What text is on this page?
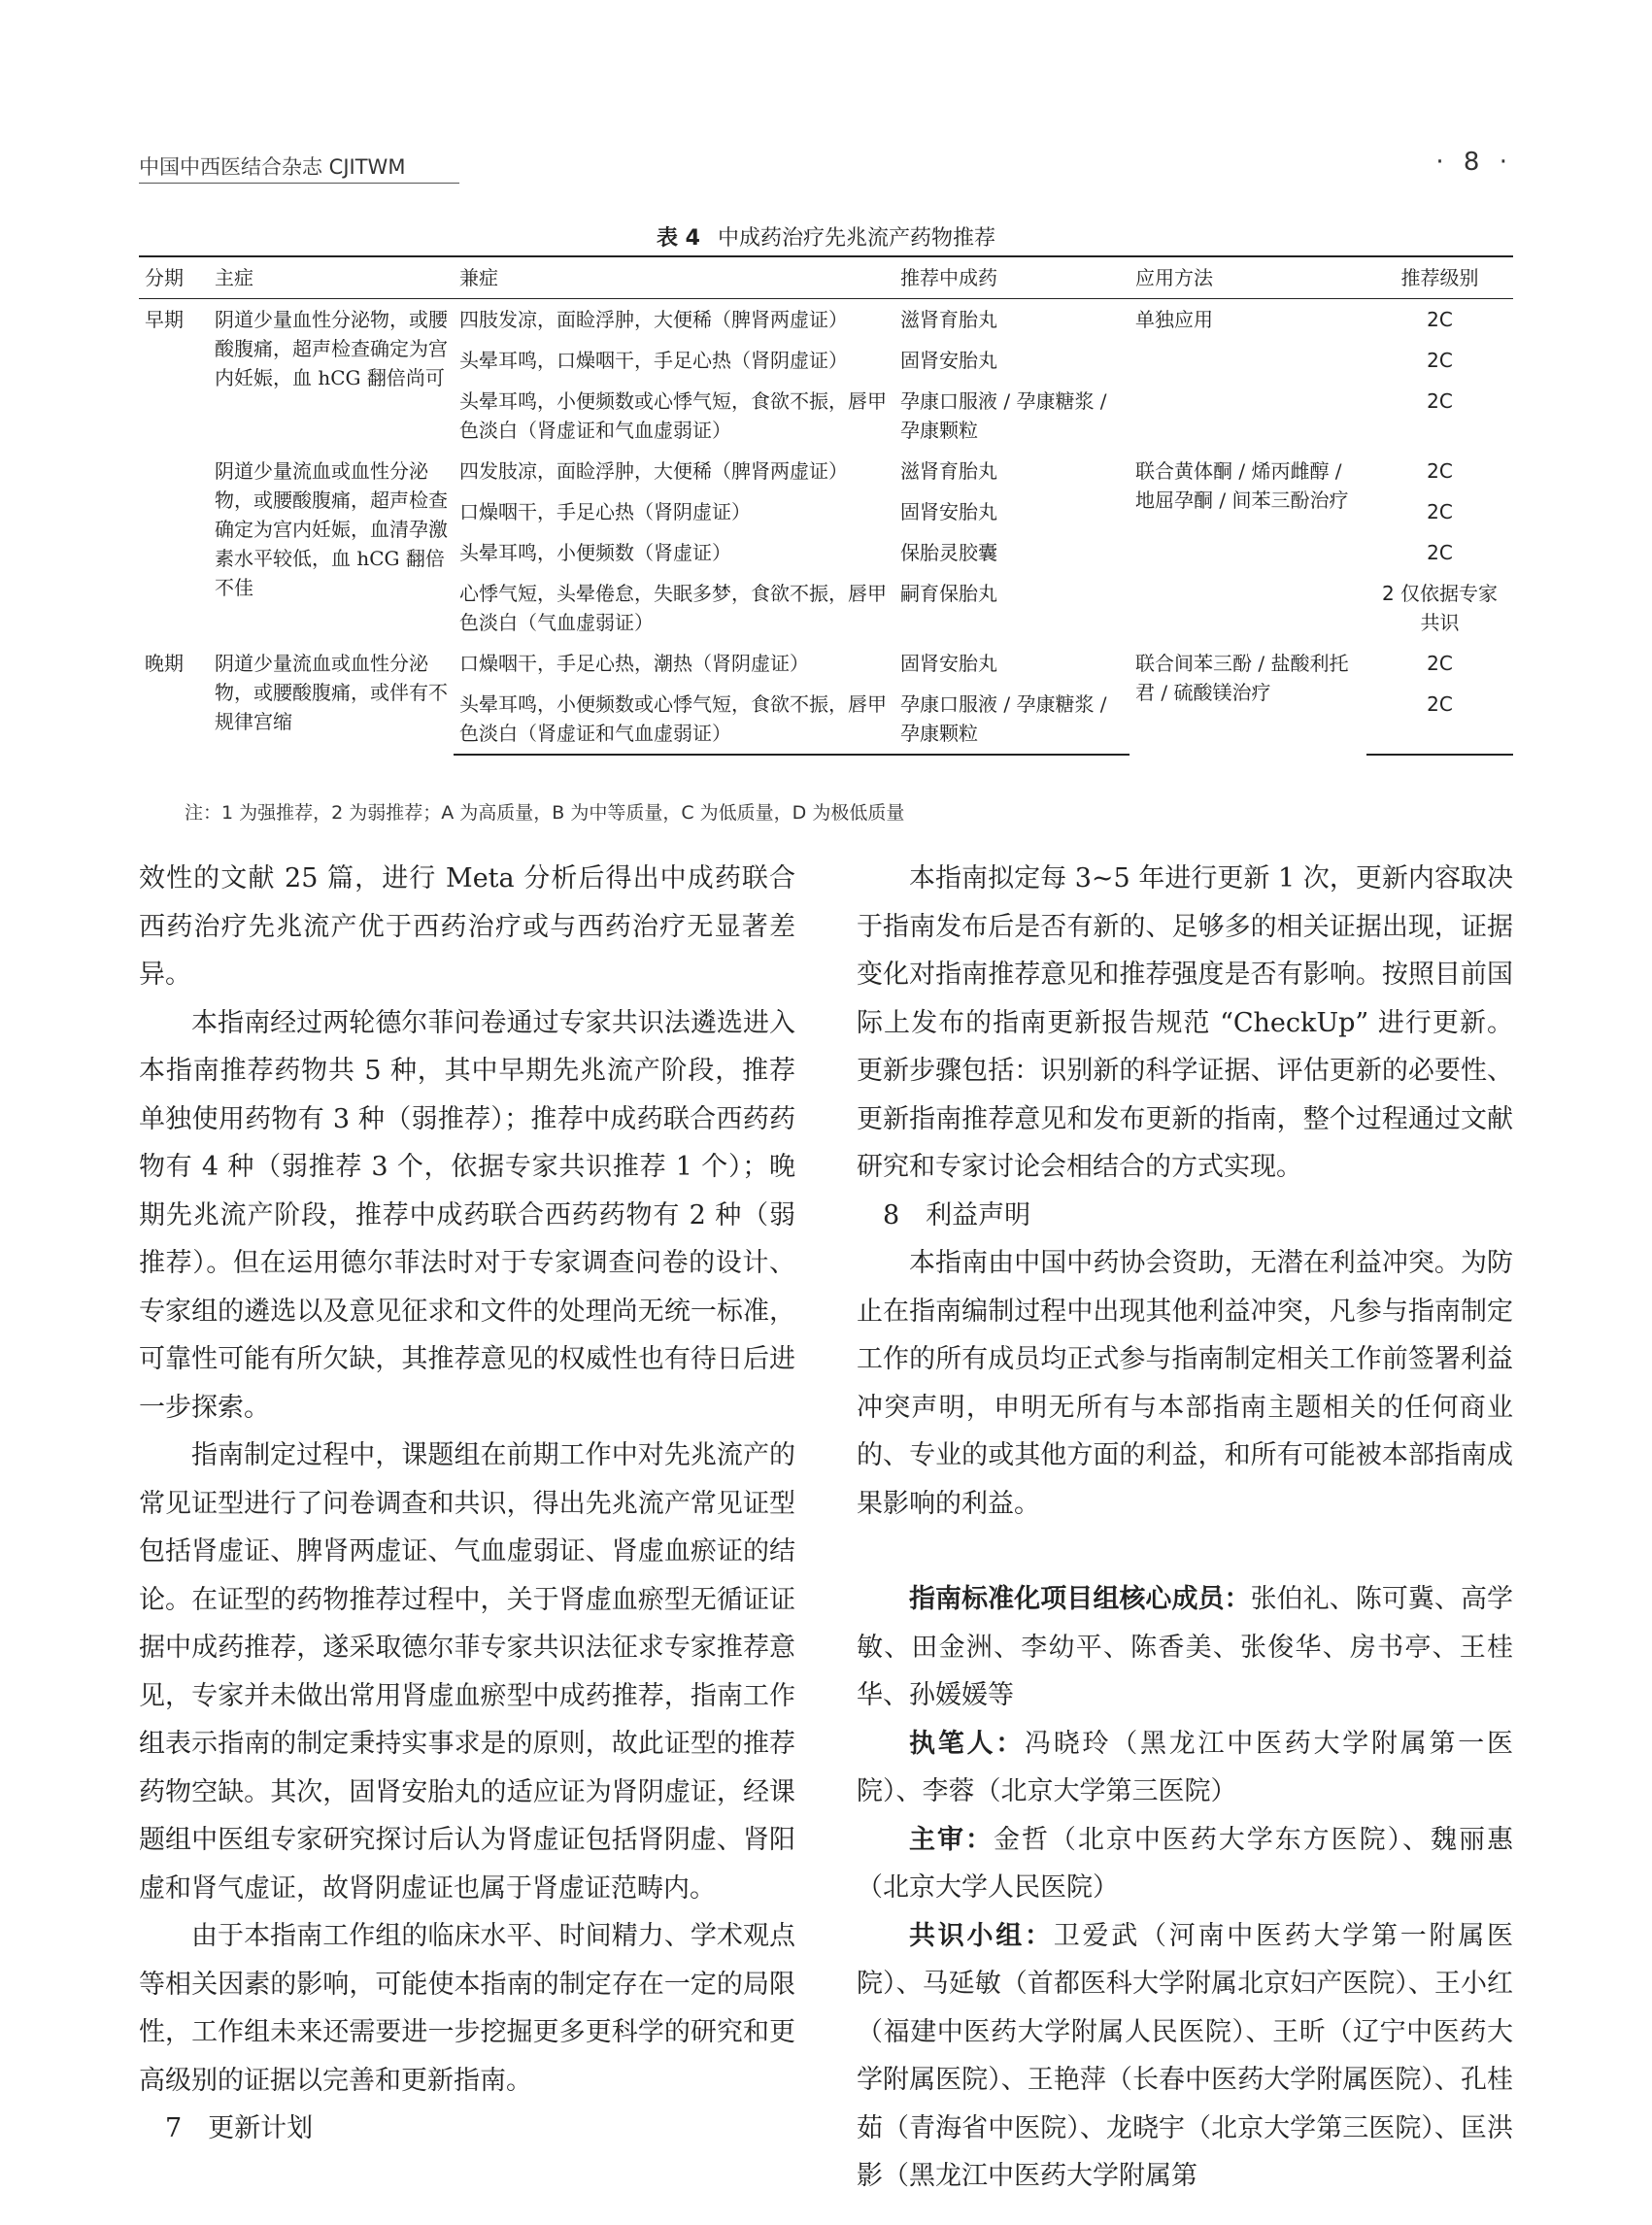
中国中西医结合杂志 CJITWM	· 8 ·
表 4 中成药治疗先兆流产药物推荐
分期	主症	兼症	推荐中成药	应用方法	推荐级别
早期	阴道少量血性分泌物，或腰酸腹痛，超声检查确定为宫内妊娠，血 hCG 翻倍尚可	四肢发凉，面睑浮肿，大便稀（脾肾两虚证）	滋肾育胎丸	单独应用	2C
		头晕耳鸣，口燥咽干，手足心热（肾阴虚证）	固肾安胎丸		2C
		头晕耳鸣，小便频数或心悸气短，食欲不振，唇甲色淡白（肾虚证和气血虚弱证）	孕康口服液 / 孕康糖浆 / 孕康颗粒		2C
	阴道少量流血或血性分泌物，或腰酸腹痛，超声检查确定为宫内妊娠，血清孕激素水平较低，血 hCG 翻倍不佳	四发肢凉，面睑浮肿，大便稀（脾肾两虚证）	滋肾育胎丸	联合黄体酮 / 烯丙雌醇 / 地屈孕酮 / 间苯三酚治疗	2C
		口燥咽干，手足心热（肾阴虚证）	固肾安胎丸		2C
		头晕耳鸣，小便频数（肾虚证）	保胎灵胶囊		2C
		心悸气短，头晕倦怠，失眠多梦，食欲不振，唇甲色淡白（气血虚弱证）	嗣育保胎丸		2 仅依据专家共识
晚期	阴道少量流血或血性分泌物，或腰酸腹痛，或伴有不规律宫缩	口燥咽干，手足心热，潮热（肾阴虚证）	固肾安胎丸	联合间苯三酚 / 盐酸利托君 / 硫酸镁治疗	2C
		头晕耳鸣，小便频数或心悸气短，食欲不振，唇甲色淡白（肾虚证和气血虚弱证）	孕康口服液 / 孕康糖浆 / 孕康颗粒		2C
注：1 为强推荐，2 为弱推荐；A 为高质量，B 为中等质量，C 为低质量，D 为极低质量

效性的文献 25 篇，进行 Meta 分析后得出中成药联合西药治疗先兆流产优于西药治疗或与西药治疗无显著差异。

本指南经过两轮德尔菲问卷通过专家共识法遴选进入本指南推荐药物共 5 种，其中早期先兆流产阶段，推荐单独使用药物有 3 种（弱推荐）；推荐中成药联合西药药物有 4 种（弱推荐 3 个，依据专家共识推荐 1 个）；晚期先兆流产阶段，推荐中成药联合西药药物有 2 种（弱推荐）。但在运用德尔菲法时对于专家调查问卷的设计、专家组的遴选以及意见征求和文件的处理尚无统一标准，可靠性可能有所欠缺，其推荐意见的权威性也有待日后进一步探索。

指南制定过程中，课题组在前期工作中对先兆流产的常见证型进行了问卷调查和共识，得出先兆流产常见证型包括肾虚证、脾肾两虚证、气血虚弱证、肾虚血瘀证的结论。在证型的药物推荐过程中，关于肾虚血瘀型无循证证据中成药推荐，遂采取德尔菲专家共识法征求专家推荐意见，专家并未做出常用肾虚血瘀型中成药推荐，指南工作组表示指南的制定秉持实事求是的原则，故此证型的推荐药物空缺。其次，固肾安胎丸的适应证为肾阴虚证，经课题组中医组专家研究探讨后认为肾虚证包括肾阴虚、肾阳虚和肾气虚证，故肾阴虚证也属于肾虚证范畴内。

由于本指南工作组的临床水平、时间精力、学术观点等相关因素的影响，可能使本指南的制定存在一定的局限性，工作组未来还需要进一步挖掘更多更科学的研究和更高级别的证据以完善和更新指南。

7　更新计划

本指南拟定每 3~5 年进行更新 1 次，更新内容取决于指南发布后是否有新的、足够多的相关证据出现，证据变化对指南推荐意见和推荐强度是否有影响。按照目前国际上发布的指南更新报告规范 “CheckUp” 进行更新。更新步骤包括：识别新的科学证据、评估更新的必要性、更新指南推荐意见和发布更新的指南，整个过程通过文献研究和专家讨论会相结合的方式实现。

8　利益声明

本指南由中国中药协会资助，无潜在利益冲突。为防止在指南编制过程中出现其他利益冲突，凡参与指南制定工作的所有成员均正式参与指南制定相关工作前签署利益冲突声明，申明无所有与本部指南主题相关的任何商业的、专业的或其他方面的利益，和所有可能被本部指南成果影响的利益。

指南标准化项目组核心成员：张伯礼、陈可冀、高学敏、田金洲、李幼平、陈香美、张俊华、房书亭、王桂华、孙媛媛等

执笔人：冯晓玲（黑龙江中医药大学附属第一医院）、李蓉（北京大学第三医院）

主审：金哲（北京中医药大学东方医院）、魏丽惠（北京大学人民医院）

共识小组：卫爱武（河南中医药大学第一附属医院）、马延敏（首都医科大学附属北京妇产医院）、王小红（福建中医药大学附属人民医院）、王昕（辽宁中医药大学附属医院）、王艳萍（长春中医药大学附属医院）、孔桂茹（青海省中医院）、龙晓宇（北京大学第三医院）、匡洪影（黑龙江中医药大学附属第
